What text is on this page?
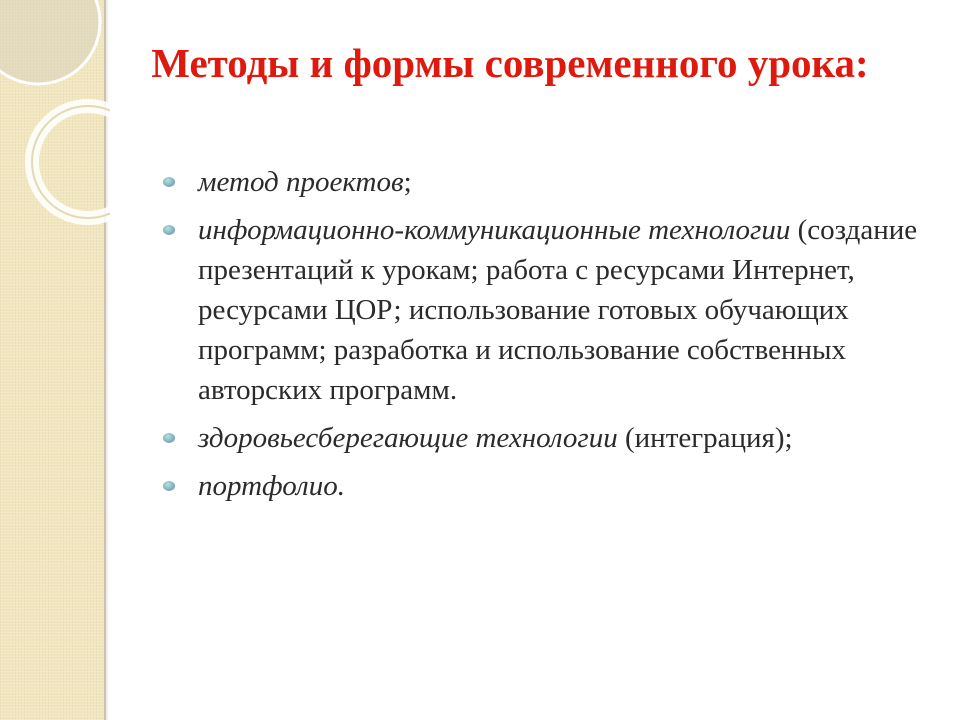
Методы и формы современного урока:
метод проектов;
информационно-коммуникационные технологии (создание презентаций к урокам; работа с ресурсами Интернет, ресурсами ЦОР; использование готовых обучающих программ; разработка и использование собственных авторских программ.
здоровьесберегающие технологии (интеграция);
портфолио.
